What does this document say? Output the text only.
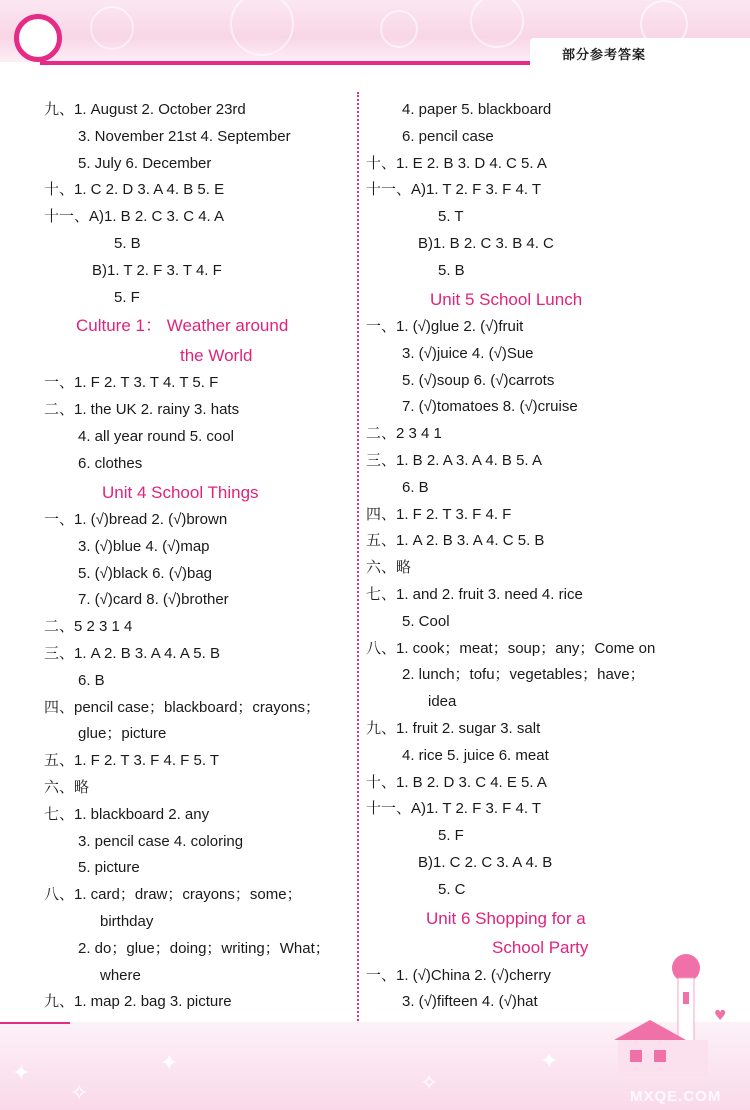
部分参考答案
九、1. August 2. October 23rd
3. November 21st 4. September
5. July 6. December
十、1. C 2. D 3. A 4. B 5. E
十一、A)1. B 2. C 3. C 4. A
5. B
B)1. T 2. F 3. T 4. F
5. F
Culture 1： Weather around
the World
一、1. F 2. T 3. T 4. T 5. F
二、1. the UK 2. rainy 3. hats
4. all year round 5. cool
6. clothes
Unit 4 School Things
一、1. (√)bread 2. (√)brown
3. (√)blue 4. (√)map
5. (√)black 6. (√)bag
7. (√)card 8. (√)brother
二、5 2 3 1 4
三、1. A 2. B 3. A 4. A 5. B
6. B
四、pencil case；blackboard；crayons；
glue；picture
五、1. F 2. T 3. F 4. F 5. T
六、略
七、1. blackboard 2. any
3. pencil case 4. coloring
5. picture
八、1. card；draw；crayons；some；
birthday
2. do；glue；doing；writing；What；
where
九、1. map 2. bag 3. picture
4. paper 5. blackboard
6. pencil case
十、1. E 2. B 3. D 4. C 5. A
十一、A)1. T 2. F 3. F 4. T
5. T
B)1. B 2. C 3. B 4. C
5. B
Unit 5 School Lunch
一、1. (√)glue 2. (√)fruit
3. (√)juice 4. (√)Sue
5. (√)soup 6. (√)carrots
7. (√)tomatoes 8. (√)cruise
二、2 3 4 1
三、1. B 2. A 3. A 4. B 5. A
6. B
四、1. F 2. T 3. F 4. F
五、1. A 2. B 3. A 4. C 5. B
六、略
七、1. and 2. fruit 3. need 4. rice
5. Cool
八、1. cook；meat；soup；any；Come on
2. lunch；tofu；vegetables；have；
idea
九、1. fruit 2. sugar 3. salt
4. rice 5. juice 6. meat
十、1. B 2. D 3. C 4. E 5. A
十一、A)1. T 2. F 3. F 4. T
5. F
B)1. C 2. C 3. A 4. B
5. C
Unit 6 Shopping for a
School Party
一、1. (√)China 2. (√)cherry
3. (√)fifteen 4. (√)hat
✦
✧
✦
✧
✦
♥
MXQE.COM
